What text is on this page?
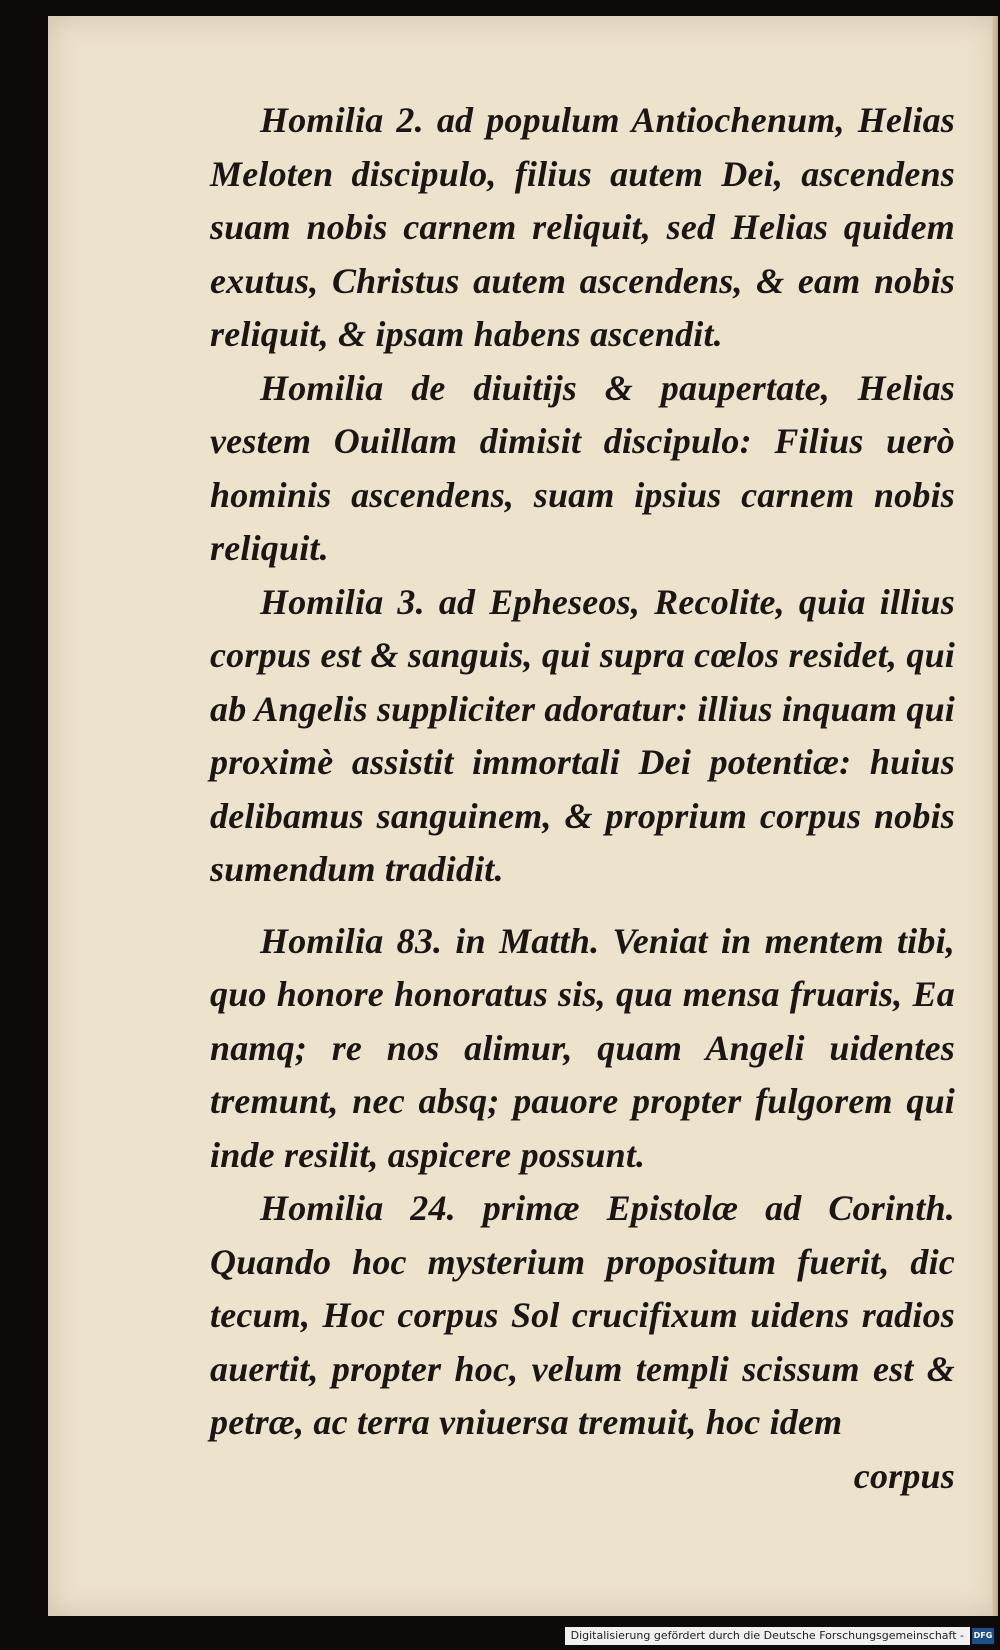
Homilia 2. ad populum Antiochenum, Helias Meloten discipulo, filius autem Dei, ascendens suam nobis carnem reliquit, sed Helias quidem exutus, Christus autem ascendens, & eam nobis reliquit, & ipsam habens ascendit.

Homilia de diuitijs & paupertate, Helias vestem Ouillam dimisit discipulo: Filius uerò hominis ascendens, suam ipsius carnem nobis reliquit.

Homilia 3. ad Epheseos, Recolite, quia illius corpus est & sanguis, qui supra cœlos residet, qui ab Angelis suppliciter adoratur: illius inquam qui proximè assistit immortali Dei potentiæ: huius delibamus sanguinem, & proprium corpus nobis sumendum tradidit.

Homilia 83. in Matth. Veniat in mentem tibi, quo honore honoratus sis, qua mensa fruaris, Ea namq; re nos alimur, quam Angeli uidentes tremunt, nec absq; pauore propter fulgorem qui inde resilit, aspicere possunt.

Homilia 24. primæ Epistolæ ad Corinth. Quando hoc mysterium propositum fuerit, dic tecum, Hoc corpus Sol crucifixum uidens radios auertit, propter hoc, velum templi scissum est & petræ, ac terra vniuersa tremuit, hoc idem

corpus

Digitalisierung gefördert durch die Deutsche Forschungsgemeinschaft -	DFG
